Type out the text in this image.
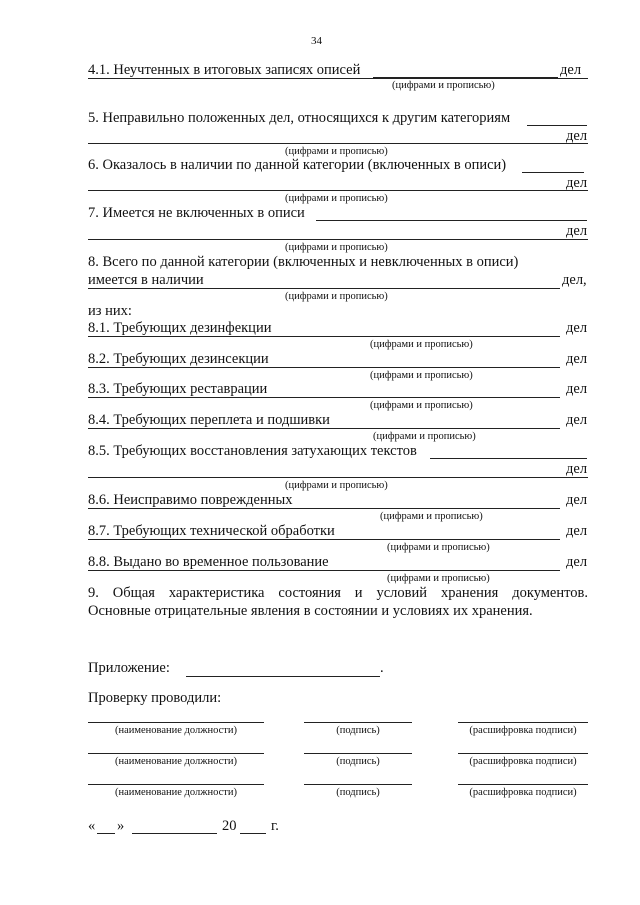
34
4.1. Неучтенных в итоговых записях описей	дел
(цифрами и прописью)
5. Неправильно положенных дел, относящихся к другим категориям
дел
(цифрами и прописью)
6. Оказалось в наличии по данной категории (включенных в описи)
дел
(цифрами и прописью)
7. Имеется не включенных в описи
дел
(цифрами и прописью)
8. Всего по данной категории (включенных и невключенных в описи)
имеется в наличии	дел,
(цифрами и прописью)
из них:
8.1. Требующих дезинфекции	дел
(цифрами и прописью)
8.2. Требующих дезинсекции	дел
(цифрами и прописью)
8.3. Требующих реставрации	дел
(цифрами и прописью)
8.4. Требующих переплета и подшивки	дел
(цифрами и прописью)
8.5. Требующих восстановления затухающих текстов
дел
(цифрами и прописью)
8.6. Неисправимо поврежденных	дел
(цифрами и прописью)
8.7. Требующих технической обработки	дел
(цифрами и прописью)
8.8. Выдано во временное пользование	дел
(цифрами и прописью)
9. Общая характеристика состояния и условий хранения документов.
Основные отрицательные явления в состоянии и условиях их хранения.
Приложение:	.
Проверку проводили:
(наименование должности)	(подпись)	(расшифровка подписи)
(наименование должности)	(подпись)	(расшифровка подписи)
(наименование должности)	(подпись)	(расшифровка подписи)
« »	20 г.
